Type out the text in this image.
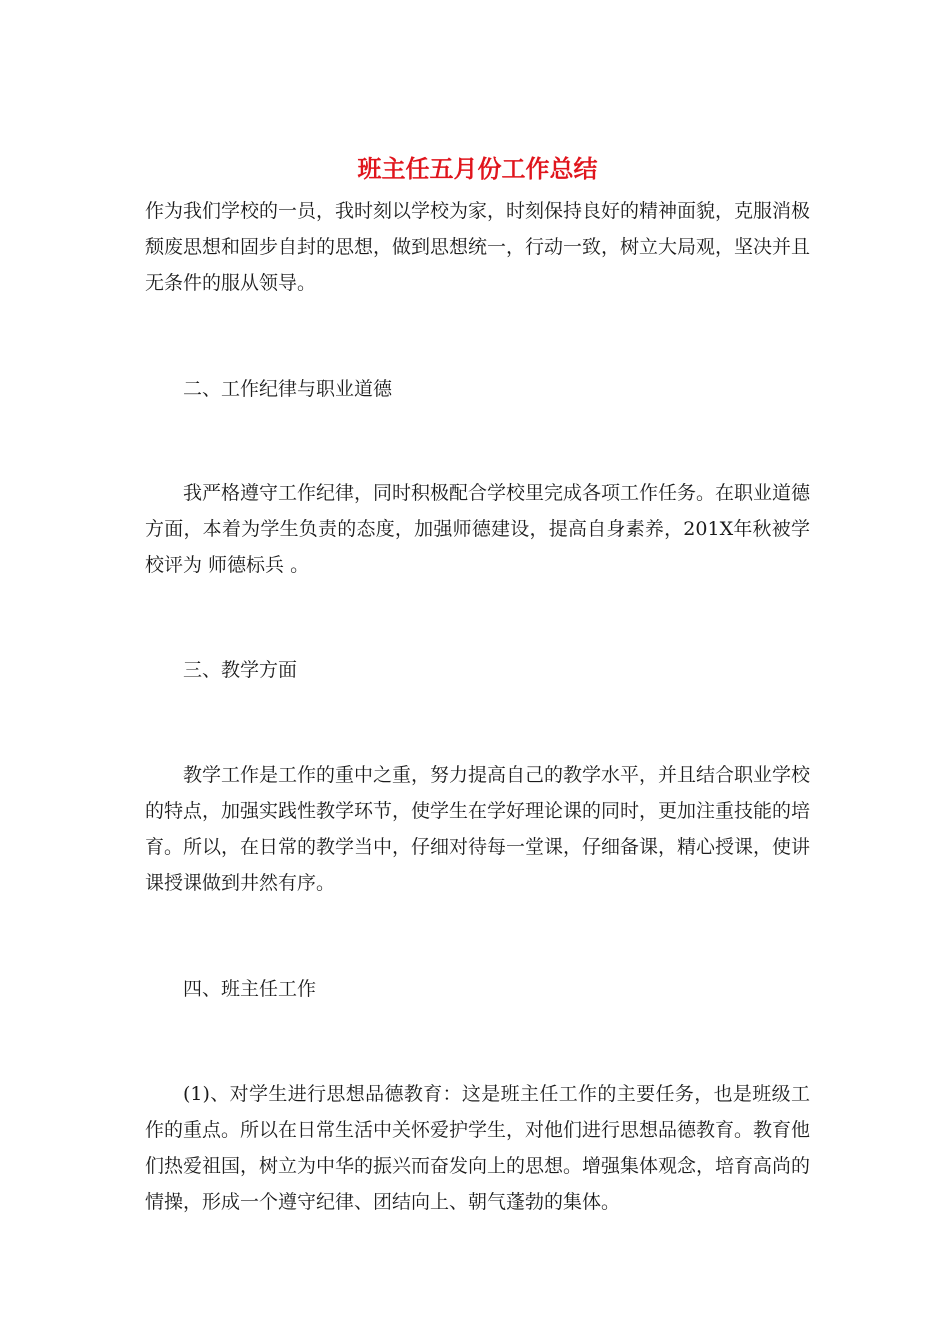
班主任五月份工作总结

作为我们学校的一员，我时刻以学校为家，时刻保持良好的精神面貌，克服消极颓废思想和固步自封的思想，做到思想统一，行动一致，树立大局观，坚决并且无条件的服从领导。

二、工作纪律与职业道德

我严格遵守工作纪律，同时积极配合学校里完成各项工作任务。在职业道德方面，本着为学生负责的态度，加强师德建设，提高自身素养，201X年秋被学校评为 师德标兵 。

三、教学方面

教学工作是工作的重中之重，努力提高自己的教学水平，并且结合职业学校的特点，加强实践性教学环节，使学生在学好理论课的同时，更加注重技能的培育。所以，在日常的教学当中，仔细对待每一堂课，仔细备课，精心授课，使讲课授课做到井然有序。

四、班主任工作

(1)、对学生进行思想品德教育：这是班主任工作的主要任务，也是班级工作的重点。所以在日常生活中关怀爱护学生，对他们进行思想品德教育。教育他们热爱祖国，树立为中华的振兴而奋发向上的思想。增强集体观念，培育高尚的情操，形成一个遵守纪律、团结向上、朝气蓬勃的集体。
